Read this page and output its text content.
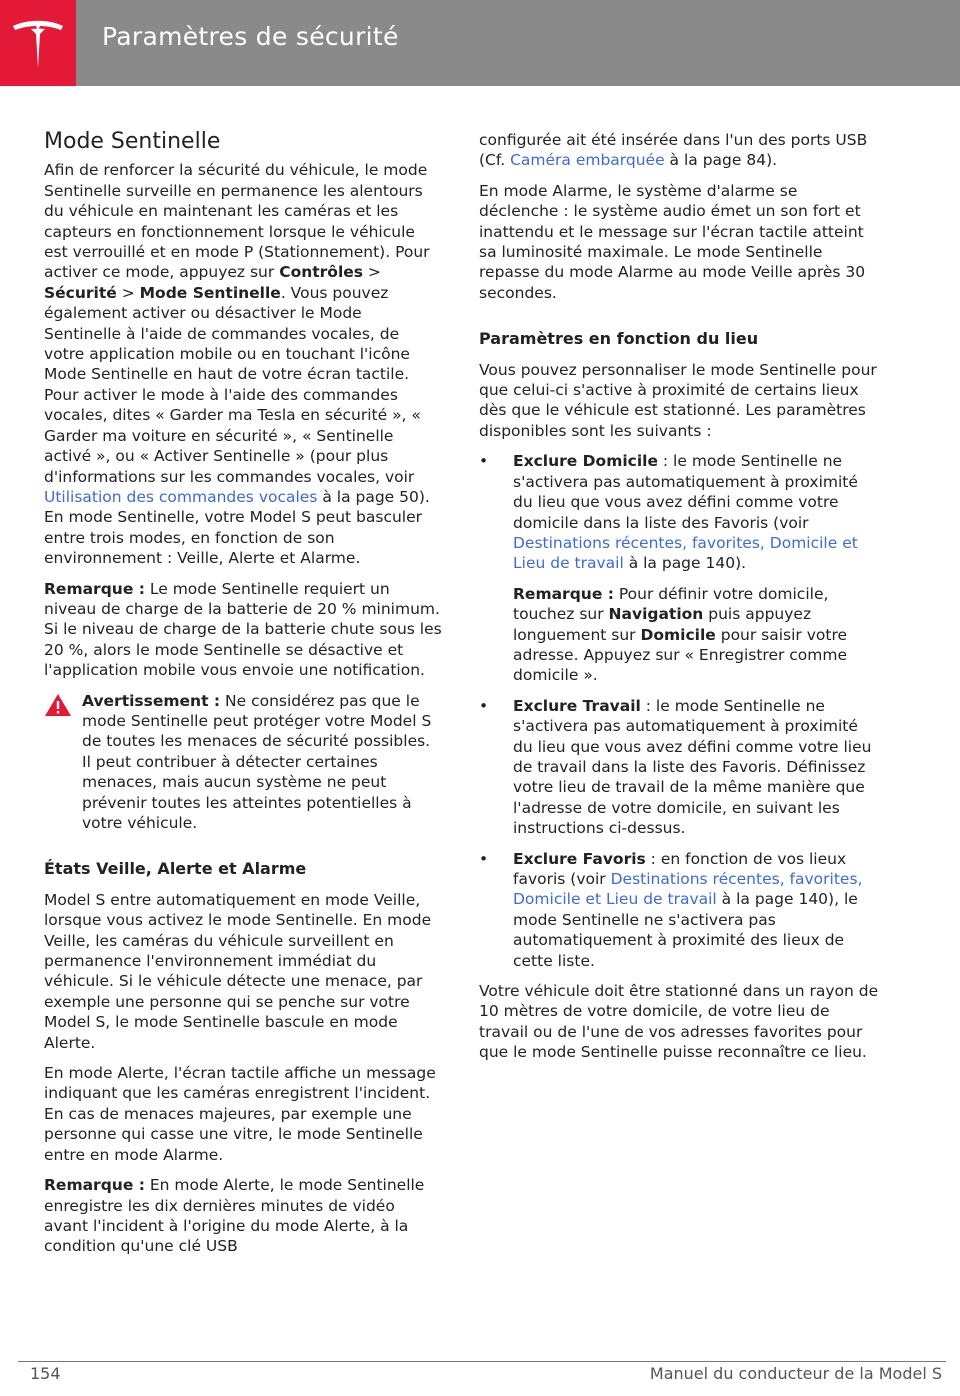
Paramètres de sécurité
Mode Sentinelle

Afin de renforcer la sécurité du véhicule, le mode Sentinelle surveille en permanence les alentours du véhicule en maintenant les caméras et les capteurs en fonctionnement lorsque le véhicule est verrouillé et en mode P (Stationnement). Pour activer ce mode, appuyez sur Contrôles > Sécurité > Mode Sentinelle. Vous pouvez également activer ou désactiver le Mode Sentinelle à l'aide de commandes vocales, de votre application mobile ou en touchant l'icône Mode Sentinelle en haut de votre écran tactile. Pour activer le mode à l'aide des commandes vocales, dites « Garder ma Tesla en sécurité », « Garder ma voiture en sécurité », « Sentinelle activé », ou « Activer Sentinelle » (pour plus d'informations sur les commandes vocales, voir Utilisation des commandes vocales à la page 50). En mode Sentinelle, votre Model S peut basculer entre trois modes, en fonction de son environnement : Veille, Alerte et Alarme.

Remarque : Le mode Sentinelle requiert un niveau de charge de la batterie de 20 % minimum. Si le niveau de charge de la batterie chute sous les 20 %, alors le mode Sentinelle se désactive et l'application mobile vous envoie une notification.

Avertissement : Ne considérez pas que le mode Sentinelle peut protéger votre Model S de toutes les menaces de sécurité possibles. Il peut contribuer à détecter certaines menaces, mais aucun système ne peut prévenir toutes les atteintes potentielles à votre véhicule.
États Veille, Alerte et Alarme

Model S entre automatiquement en mode Veille, lorsque vous activez le mode Sentinelle. En mode Veille, les caméras du véhicule surveillent en permanence l'environnement immédiat du véhicule. Si le véhicule détecte une menace, par exemple une personne qui se penche sur votre Model S, le mode Sentinelle bascule en mode Alerte.

En mode Alerte, l'écran tactile affiche un message indiquant que les caméras enregistrent l'incident. En cas de menaces majeures, par exemple une personne qui casse une vitre, le mode Sentinelle entre en mode Alarme.

Remarque : En mode Alerte, le mode Sentinelle enregistre les dix dernières minutes de vidéo avant l'incident à l'origine du mode Alerte, à la condition qu'une clé USB

configurée ait été insérée dans l'un des ports USB (Cf. Caméra embarquée à la page 84).

En mode Alarme, le système d'alarme se déclenche : le système audio émet un son fort et inattendu et le message sur l'écran tactile atteint sa luminosité maximale. Le mode Sentinelle repasse du mode Alarme au mode Veille après 30 secondes.

Paramètres en fonction du lieu

Vous pouvez personnaliser le mode Sentinelle pour que celui-ci s'active à proximité de certains lieux dès que le véhicule est stationné. Les paramètres disponibles sont les suivants :

• Exclure Domicile : le mode Sentinelle ne s'activera pas automatiquement à proximité du lieu que vous avez défini comme votre domicile dans la liste des Favoris (voir Destinations récentes, favorites, Domicile et Lieu de travail à la page 140).

Remarque : Pour définir votre domicile, touchez sur Navigation puis appuyez longuement sur Domicile pour saisir votre adresse. Appuyez sur « Enregistrer comme domicile ».

• Exclure Travail : le mode Sentinelle ne s'activera pas automatiquement à proximité du lieu que vous avez défini comme votre lieu de travail dans la liste des Favoris. Définissez votre lieu de travail de la même manière que l'adresse de votre domicile, en suivant les instructions ci-dessus.
• Exclure Favoris : en fonction de vos lieux favoris (voir Destinations récentes, favorites, Domicile et Lieu de travail à la page 140), le mode Sentinelle ne s'activera pas automatiquement à proximité des lieux de cette liste.

Votre véhicule doit être stationné dans un rayon de 10 mètres de votre domicile, de votre lieu de travail ou de l'une de vos adresses favorites pour que le mode Sentinelle puisse reconnaître ce lieu.

154	Manuel du conducteur de la Model S
